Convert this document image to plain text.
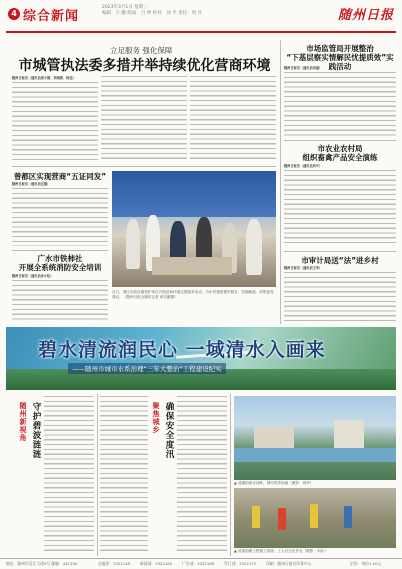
4 综合新闻
2023年3月1日 星期三
编辑：王 鹏 版面：吕 坤 校对：刘 平 责任：周 丹	随州日报
立足服务 强化保障
市城管执法委多措并举持续优化营商环境
随州日报讯（通讯员周小静、李晓婷、杨佳）
市场监管局开展整治
“下基层察实情解民忧提质效”实践活动
随州日报讯（通讯员刘丽）
市农业农村局
组织畜禽产品安全演练
随州日报讯（通讯员刘平）
市审计局送“法”进乡村
随州日报讯（通讯员王华）
曾都区实现营商“五证同发”
随州日报讯（通讯员汪刚）
广水市铁柿社
开展全系统消防安全培训
随州日报讯（通讯员余小松）
近日，城区市政设施管护单位开展营商环境志愿服务活动，为市民提供便民服务、答疑解惑，收集意见建议。（随州日报全媒体记者 黄宗鹏摄）
碧水清流润民心 一域清水入画来
——随州市城市水系治理“三年大整治”工程建设纪实
随州新视角 守护碧波涟涟	聚焦城乡 确保安全度汛
▲ 清澈的涢水河畔，城市美景如画（摄影：周华）
▲ 河道治理工程施工现场，工人们正在作业（摄影：刘兵）
地址：随州市沿江大道5号 邮编：441300	总编室：3322145	新闻部：3322163	广告部：3322168	发行部：3322175	印刷：随州日报社印务中心	定价：每份1.00元
